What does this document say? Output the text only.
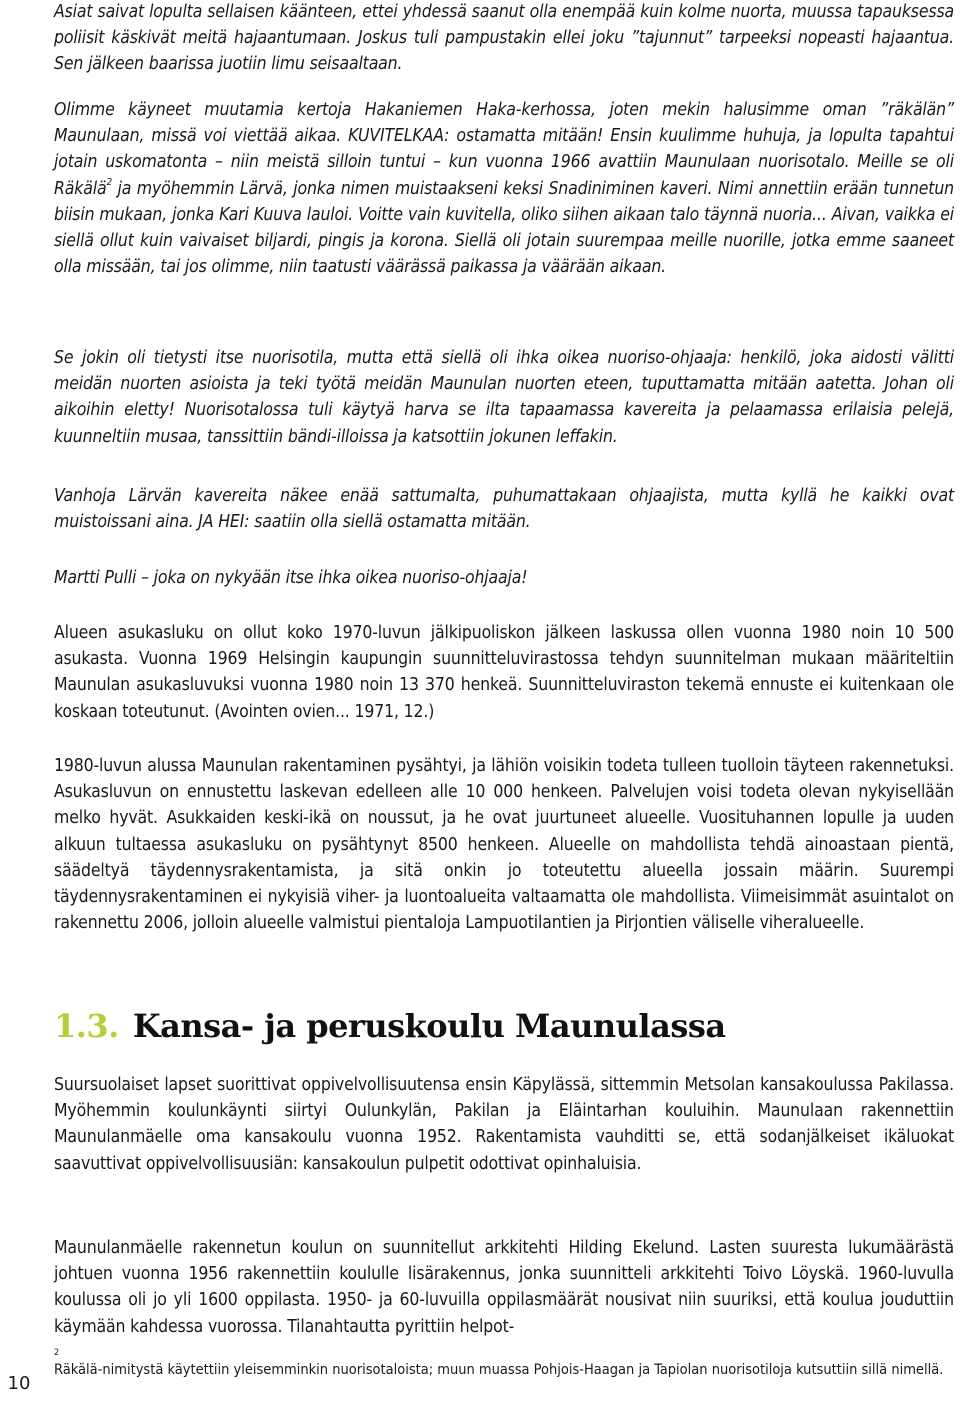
Asiat saivat lopulta sellaisen käänteen, ettei yhdessä saanut olla enempää kuin kolme nuorta, muussa tapauksessa poliisit käskivät meitä hajaantumaan. Joskus tuli pampustakin ellei joku ”tajunnut” tarpeeksi nopeasti hajaantua. Sen jälkeen baarissa juotiin limu seisaaltaan.

Olimme käyneet muutamia kertoja Hakaniemen Haka-kerhossa, joten mekin halusimme oman ”räkälän” Maunulaan, missä voi viettää aikaa. KUVITELKAA: ostamatta mitään! Ensin kuulimme huhuja, ja lopulta tapahtui jotain uskomatonta – niin meistä silloin tuntui – kun vuonna 1966 avattiin Maunulaan nuorisotalo. Meille se oli Räkälä$^2$ ja myöhemmin Lärvä, jonka nimen muistaakseni keksi Snadiniminen kaveri. Nimi annettiin erään tunnetun biisin mukaan, jonka Kari Kuuva lauloi. Voitte vain kuvitella, oliko siihen aikaan talo täynnä nuoria... Aivan, vaikka ei siellä ollut kuin vaivaiset biljardi, pingis ja korona. Siellä oli jotain suurempaa meille nuorille, jotka emme saaneet olla missään, tai jos olimme, niin taatusti väärässä paikassa ja väärään aikaan.

Se jokin oli tietysti itse nuorisotila, mutta että siellä oli ihka oikea nuoriso-ohjaaja: henkilö, joka aidosti välitti meidän nuorten asioista ja teki työtä meidän Maunulan nuorten eteen, tuputtamatta mitään aatetta. Johan oli aikoihin eletty! Nuorisotalossa tuli käytyä harva se ilta tapaamassa kavereita ja pelaamassa erilaisia pelejä, kuunneltiin musaa, tanssittiin bändi-illoissa ja katsottiin jokunen leffakin.

Vanhoja Lärvän kavereita näkee enää sattumalta, puhumattakaan ohjaajista, mutta kyllä he kaikki ovat muistoissani aina. JA HEI: saatiin olla siellä ostamatta mitään.

Martti Pulli – joka on nykyään itse ihka oikea nuoriso-ohjaaja!

Alueen asukasluku on ollut koko 1970-luvun jälkipuoliskon jälkeen laskussa ollen vuonna 1980 noin 10 500 asukasta. Vuonna 1969 Helsingin kaupungin suunnitteluvirastossa tehdyn suunnitelman mukaan määriteltiin Maunulan asukasluvuksi vuonna 1980 noin 13 370 henkeä. Suunnitteluviraston tekemä ennuste ei kuitenkaan ole koskaan toteutunut. (Avointen ovien... 1971, 12.)

1980-luvun alussa Maunulan rakentaminen pysähtyi, ja lähiön voisikin todeta tulleen tuolloin täyteen rakennetuksi. Asukasluvun on ennustettu laskevan edelleen alle 10 000 henkeen. Palvelujen voisi todeta olevan nykyisellään melko hyvät. Asukkaiden keski-ikä on noussut, ja he ovat juurtuneet alueelle. Vuosituhannen lopulle ja uuden alkuun tultaessa asukasluku on pysähtynyt 8500 henkeen. Alueelle on mahdollista tehdä ainoastaan pientä, säädeltyä täydennysrakentamista, ja sitä onkin jo toteutettu alueella jossain määrin. Suurempi täydennysrakentaminen ei nykyisiä viher- ja luontoalueita valtaamatta ole mahdollista. Viimeisimmät asuintalot on rakennettu 2006, jolloin alueelle valmistui pientaloja Lampuotilantien ja Pirjontien väliselle viheralueelle.

1.3. Kansa- ja peruskoulu Maunulassa

Suursuolaiset lapset suorittivat oppivelvollisuutensa ensin Käpylässä, sittemmin Metsolan kansakoulussa Pakilassa. Myöhemmin koulunkäynti siirtyi Oulunkylän, Pakilan ja Eläintarhan kouluihin. Maunulaan rakennettiin Maunulanmäelle oma kansakoulu vuonna 1952. Rakentamista vauhditti se, että sodanjälkeiset ikäluokat saavuttivat oppivelvollisuusiän: kansakoulun pulpetit odottivat opinhaluisia.

Maunulanmäelle rakennetun koulun on suunnitellut arkkitehti Hilding Ekelund. Lasten suuresta lukumäärästä johtuen vuonna 1956 rakennettiin koululle lisärakennus, jonka suunnitteli arkkitehti Toivo Löyskä. 1960-luvulla koulussa oli jo yli 1600 oppilasta. 1950- ja 60-luvuilla oppilasmäärät nousivat niin suuriksi, että koulua jouduttiin käymään kahdessa vuorossa. Tilanahtautta pyrittiin helpot-

2
Räkälä-nimitystä käytettiin yleisemminkin nuorisotaloista; muun muassa Pohjois-Haagan ja Tapiolan nuorisotiloja kutsuttiin sillä nimellä.
10
